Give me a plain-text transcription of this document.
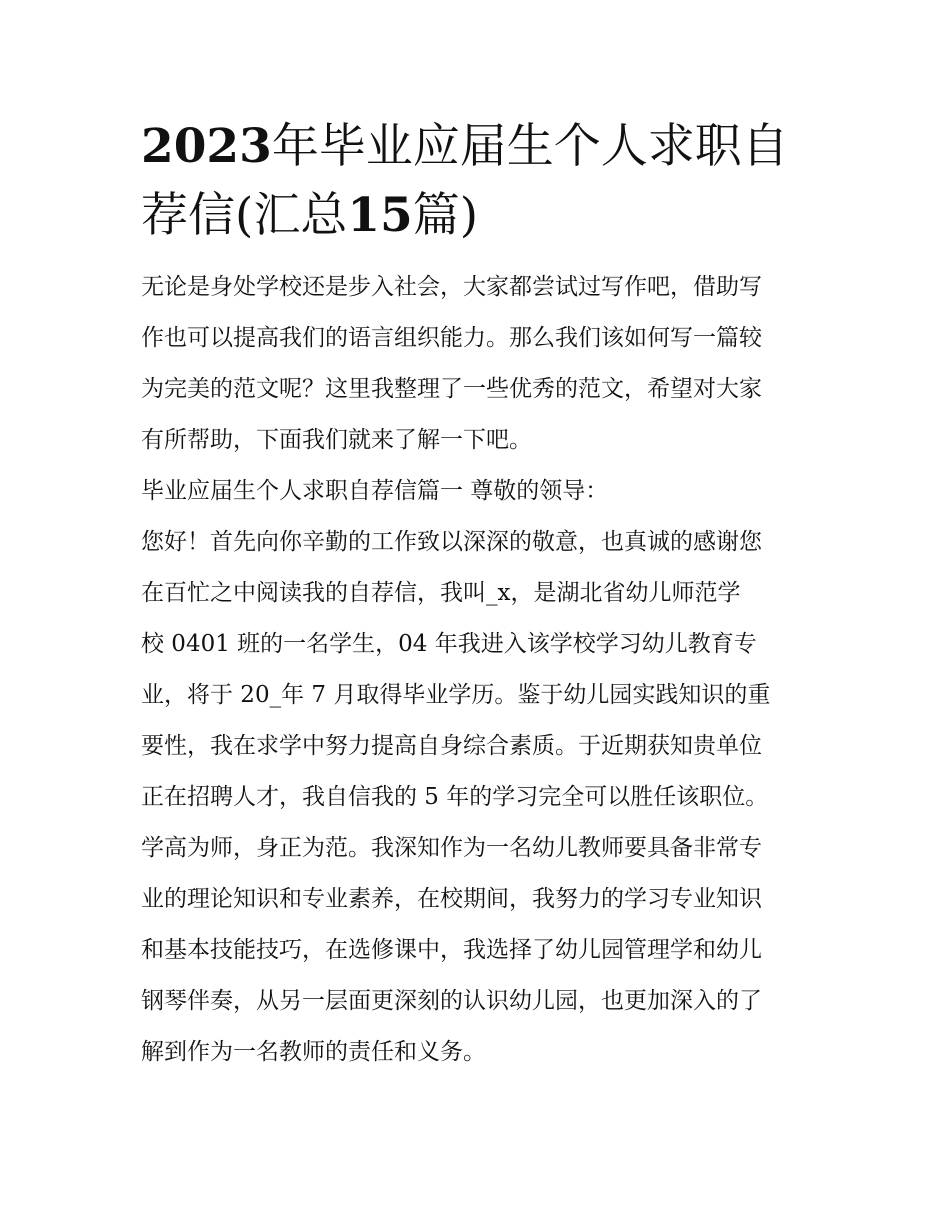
2023年毕业应届生个人求职自
荐信(汇总15篇)

无论是身处学校还是步入社会，大家都尝试过写作吧，借助写

作也可以提高我们的语言组织能力。那么我们该如何写一篇较

为完美的范文呢？这里我整理了一些优秀的范文，希望对大家

有所帮助，下面我们就来了解一下吧。

毕业应届生个人求职自荐信篇一 尊敬的领导：

您好！首先向你辛勤的工作致以深深的敬意，也真诚的感谢您

在百忙之中阅读我的自荐信，我叫_x，是湖北省幼儿师范学

校 0401 班的一名学生，04 年我进入该学校学习幼儿教育专

业，将于 20_年 7 月取得毕业学历。鉴于幼儿园实践知识的重

要性，我在求学中努力提高自身综合素质。于近期获知贵单位

正在招聘人才，我自信我的 5 年的学习完全可以胜任该职位。

学高为师，身正为范。我深知作为一名幼儿教师要具备非常专

业的理论知识和专业素养，在校期间，我努力的学习专业知识

和基本技能技巧，在选修课中，我选择了幼儿园管理学和幼儿

钢琴伴奏，从另一层面更深刻的认识幼儿园，也更加深入的了

解到作为一名教师的责任和义务。
